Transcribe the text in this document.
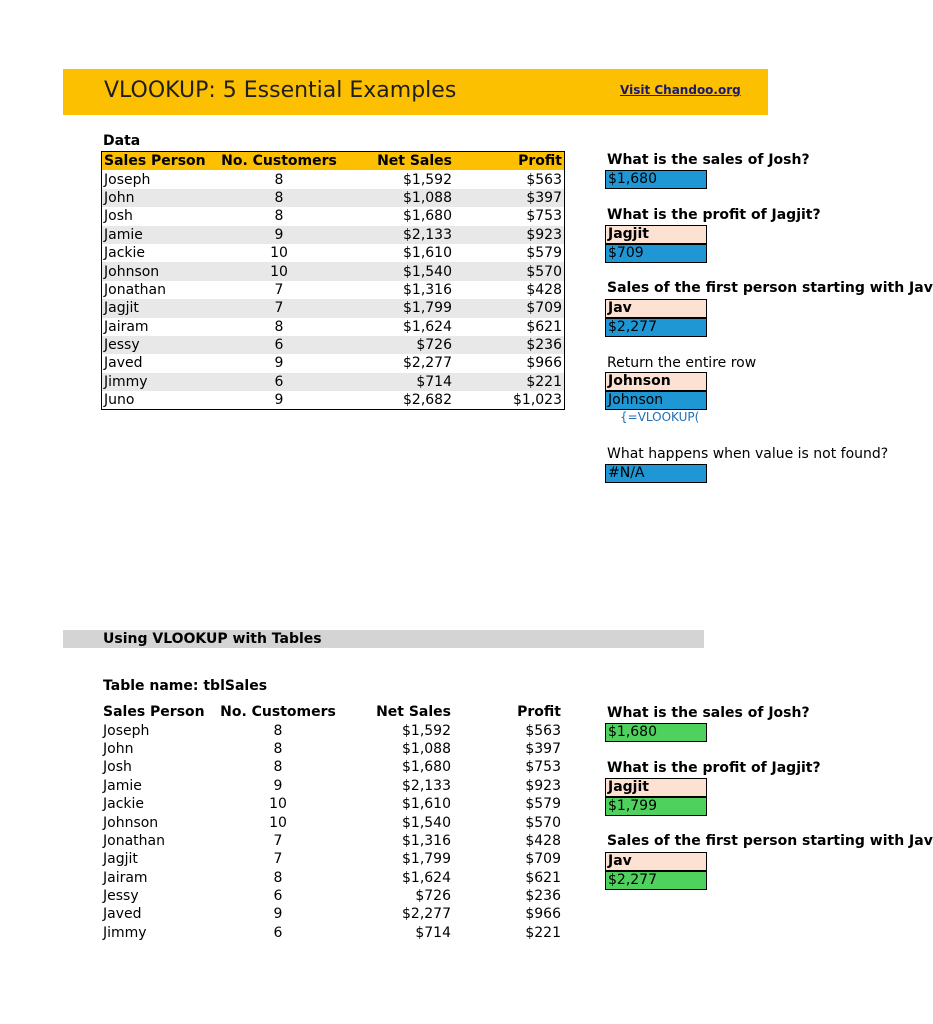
VLOOKUP: 5 Essential Examples	Visit Chandoo.org
Data
Sales Person	No. Customers	Net Sales	Profit
Joseph	8	$1,592	$563
John	8	$1,088	$397
Josh	8	$1,680	$753
Jamie	9	$2,133	$923
Jackie	10	$1,610	$579
Johnson	10	$1,540	$570
Jonathan	7	$1,316	$428
Jagjit	7	$1,799	$709
Jairam	8	$1,624	$621
Jessy	6	$726	$236
Javed	9	$2,277	$966
Jimmy	6	$714	$221
Juno	9	$2,682	$1,023
What is the sales of Josh?
$1,680
What is the profit of Jagjit?
Jagjit
$709
Sales of the first person starting with Jav
Jav
$2,277
Return the entire row
Johnson
Johnson
{=VLOOKUP(
What happens when value is not found?
#N/A
Using VLOOKUP with Tables
Table name: tblSales
Sales Person	No. Customers	Net Sales	Profit
Joseph	8	$1,592	$563
John	8	$1,088	$397
Josh	8	$1,680	$753
Jamie	9	$2,133	$923
Jackie	10	$1,610	$579
Johnson	10	$1,540	$570
Jonathan	7	$1,316	$428
Jagjit	7	$1,799	$709
Jairam	8	$1,624	$621
Jessy	6	$726	$236
Javed	9	$2,277	$966
Jimmy	6	$714	$221
What is the sales of Josh?
$1,680
What is the profit of Jagjit?
Jagjit
$1,799
Sales of the first person starting with Jav
Jav
$2,277
